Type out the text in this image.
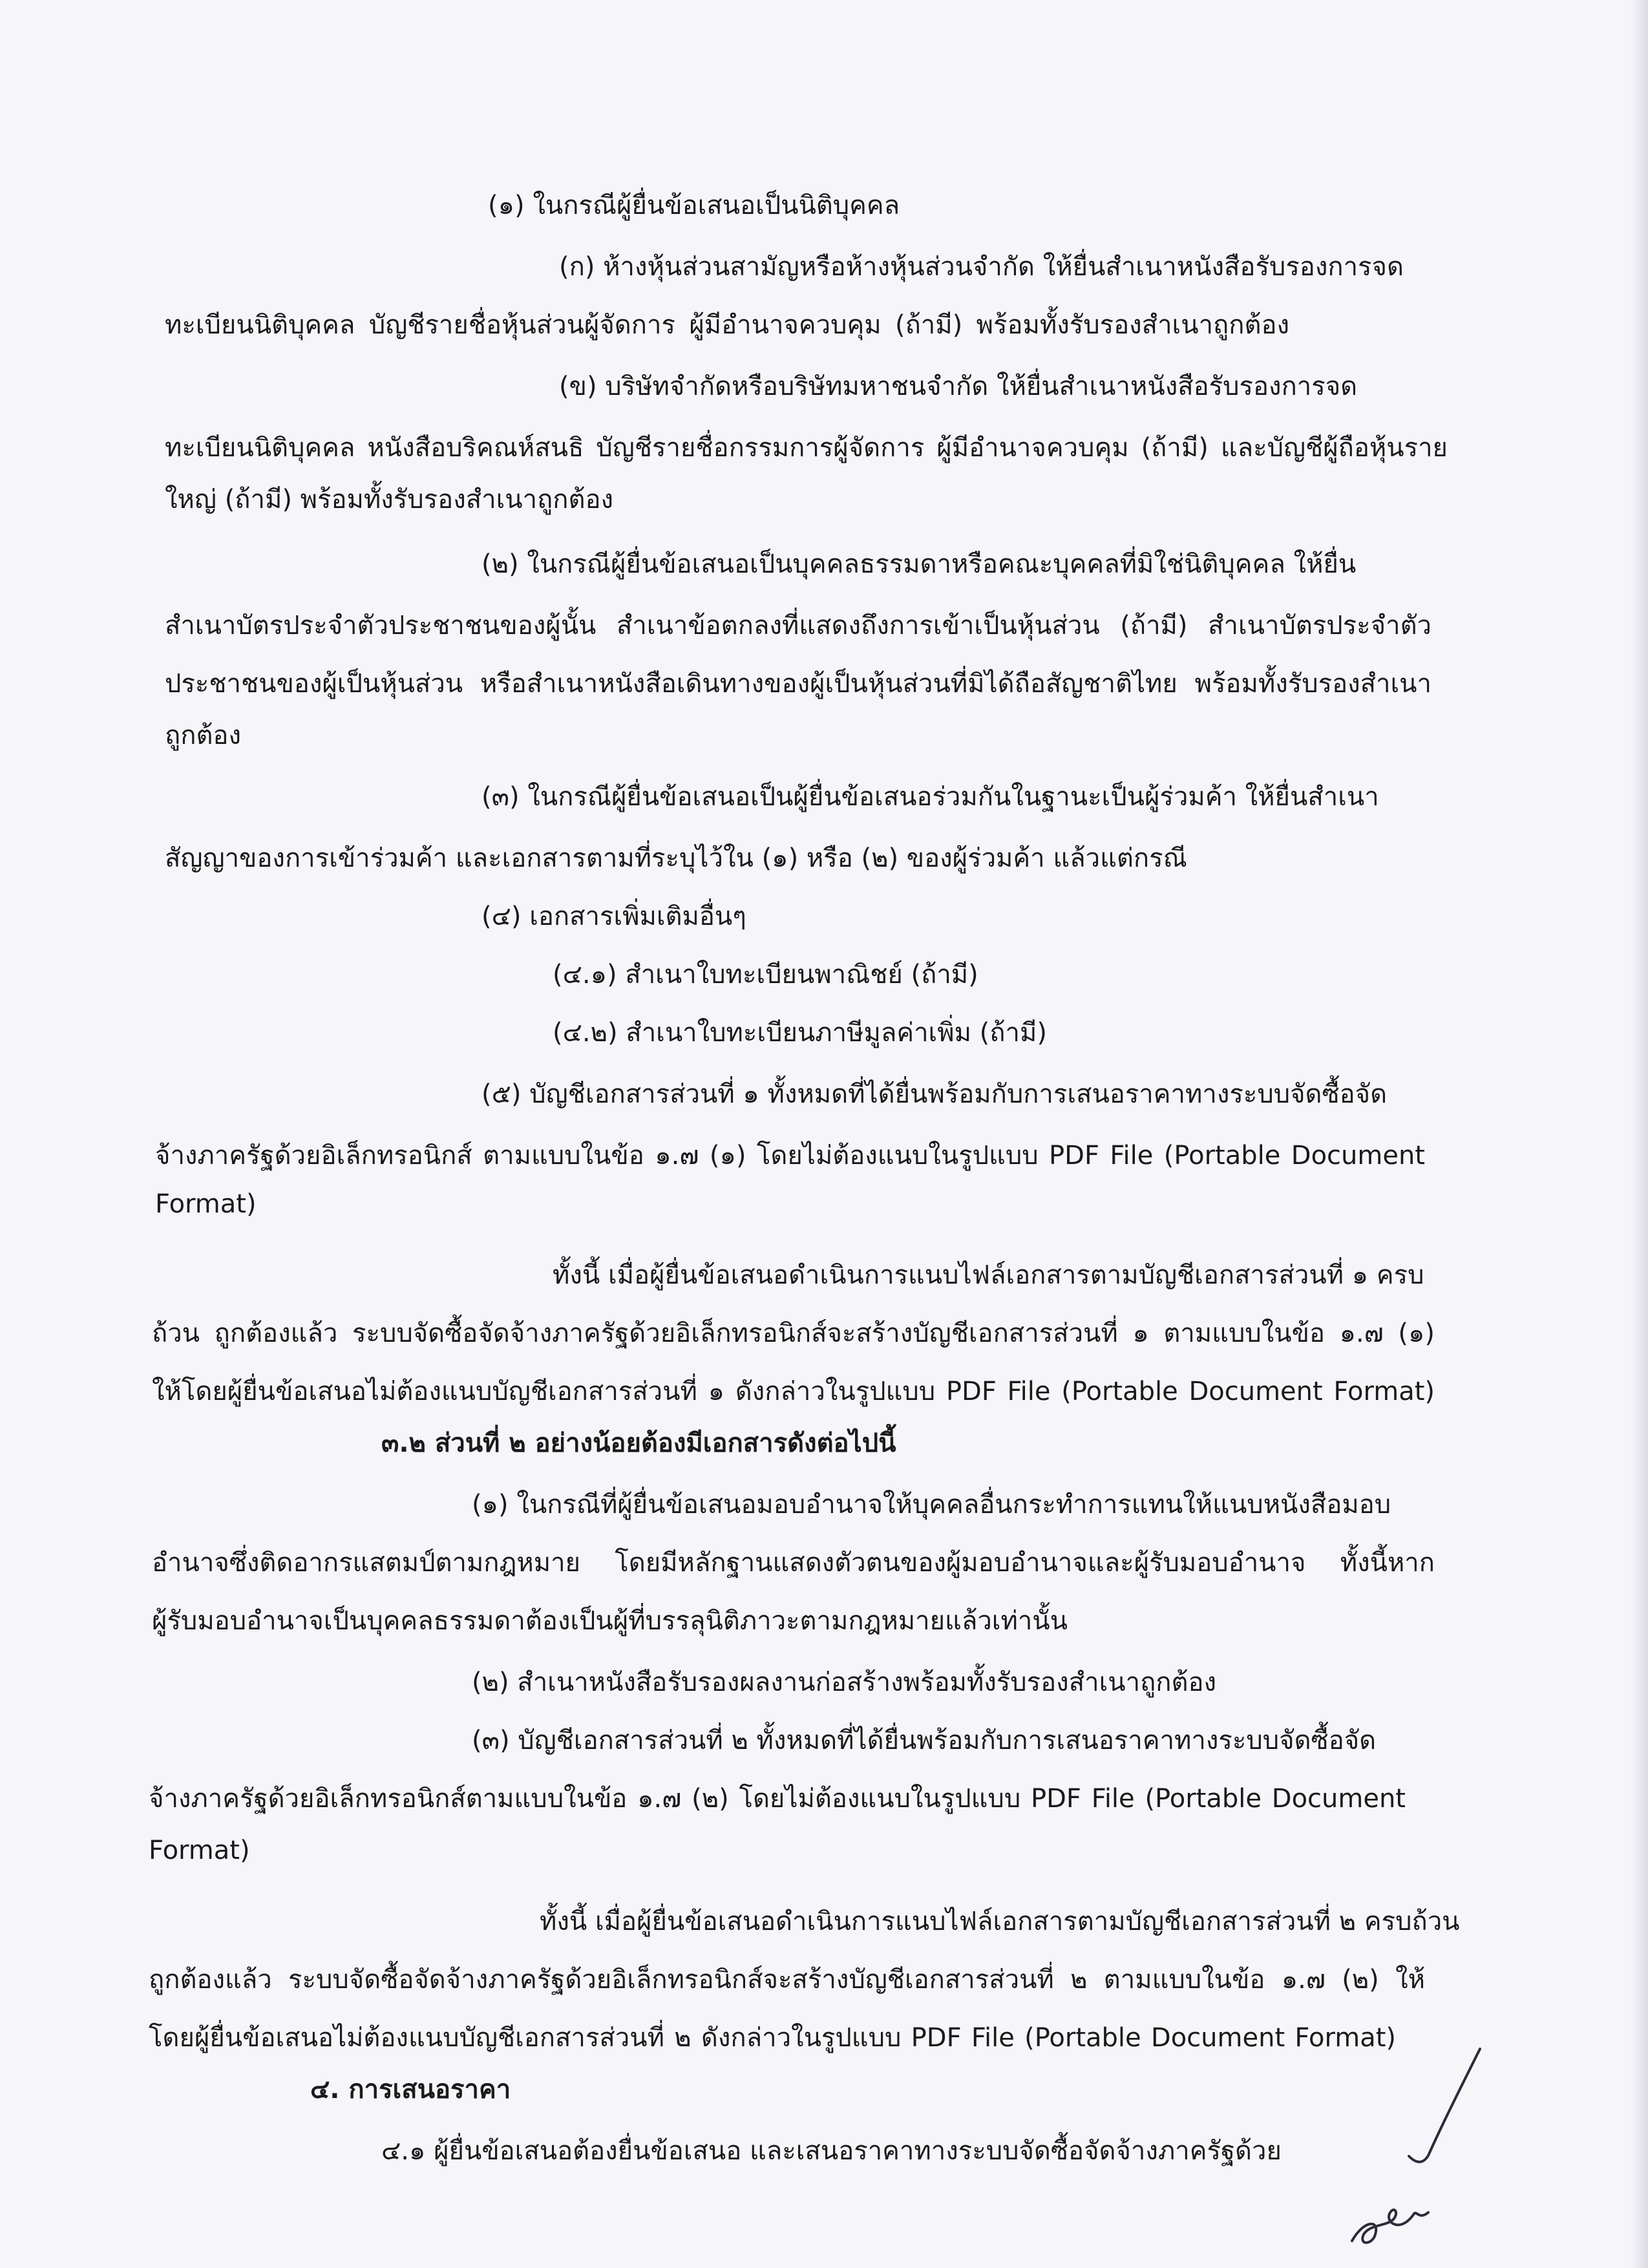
(๑) ในกรณีผู้ยื่นข้อเสนอเป็นนิติบุคคล
(ก) ห้างหุ้นส่วนสามัญหรือห้างหุ้นส่วนจำกัด ให้ยื่นสำเนาหนังสือรับรองการจด
ทะเบียนนิติบุคคล บัญชีรายชื่อหุ้นส่วนผู้จัดการ ผู้มีอำนาจควบคุม (ถ้ามี) พร้อมทั้งรับรองสำเนาถูกต้อง
(ข) บริษัทจำกัดหรือบริษัทมหาชนจำกัด ให้ยื่นสำเนาหนังสือรับรองการจด
ทะเบียนนิติบุคคล หนังสือบริคณห์สนธิ บัญชีรายชื่อกรรมการผู้จัดการ ผู้มีอำนาจควบคุม (ถ้ามี) และบัญชีผู้ถือหุ้นราย
ใหญ่ (ถ้ามี) พร้อมทั้งรับรองสำเนาถูกต้อง
(๒) ในกรณีผู้ยื่นข้อเสนอเป็นบุคคลธรรมดาหรือคณะบุคคลที่มิใช่นิติบุคคล ให้ยื่น
สำเนาบัตรประจำตัวประชาชนของผู้นั้น สำเนาข้อตกลงที่แสดงถึงการเข้าเป็นหุ้นส่วน (ถ้ามี) สำเนาบัตรประจำตัว
ประชาชนของผู้เป็นหุ้นส่วน หรือสำเนาหนังสือเดินทางของผู้เป็นหุ้นส่วนที่มิได้ถือสัญชาติไทย พร้อมทั้งรับรองสำเนา
ถูกต้อง
(๓) ในกรณีผู้ยื่นข้อเสนอเป็นผู้ยื่นข้อเสนอร่วมกันในฐานะเป็นผู้ร่วมค้า ให้ยื่นสำเนา
สัญญาของการเข้าร่วมค้า และเอกสารตามที่ระบุไว้ใน (๑) หรือ (๒) ของผู้ร่วมค้า แล้วแต่กรณี
(๔) เอกสารเพิ่มเติมอื่นๆ
(๔.๑) สำเนาใบทะเบียนพาณิชย์ (ถ้ามี)
(๔.๒) สำเนาใบทะเบียนภาษีมูลค่าเพิ่ม (ถ้ามี)
(๕) บัญชีเอกสารส่วนที่ ๑ ทั้งหมดที่ได้ยื่นพร้อมกับการเสนอราคาทางระบบจัดซื้อจัด
จ้างภาครัฐด้วยอิเล็กทรอนิกส์ ตามแบบในข้อ ๑.๗ (๑) โดยไม่ต้องแนบในรูปแบบ PDF File (Portable Document
Format)
ทั้งนี้ เมื่อผู้ยื่นข้อเสนอดำเนินการแนบไฟล์เอกสารตามบัญชีเอกสารส่วนที่ ๑ ครบ
ถ้วน ถูกต้องแล้ว ระบบจัดซื้อจัดจ้างภาครัฐด้วยอิเล็กทรอนิกส์จะสร้างบัญชีเอกสารส่วนที่ ๑ ตามแบบในข้อ ๑.๗ (๑)
ให้โดยผู้ยื่นข้อเสนอไม่ต้องแนบบัญชีเอกสารส่วนที่ ๑ ดังกล่าวในรูปแบบ PDF File (Portable Document Format)
๓.๒ ส่วนที่ ๒ อย่างน้อยต้องมีเอกสารดังต่อไปนี้
(๑) ในกรณีที่ผู้ยื่นข้อเสนอมอบอำนาจให้บุคคลอื่นกระทำการแทนให้แนบหนังสือมอบ
อำนาจซึ่งติดอากรแสตมป์ตามกฎหมาย โดยมีหลักฐานแสดงตัวตนของผู้มอบอำนาจและผู้รับมอบอำนาจ ทั้งนี้หาก
ผู้รับมอบอำนาจเป็นบุคคลธรรมดาต้องเป็นผู้ที่บรรลุนิติภาวะตามกฎหมายแล้วเท่านั้น
(๒) สำเนาหนังสือรับรองผลงานก่อสร้างพร้อมทั้งรับรองสำเนาถูกต้อง
(๓) บัญชีเอกสารส่วนที่ ๒ ทั้งหมดที่ได้ยื่นพร้อมกับการเสนอราคาทางระบบจัดซื้อจัด
จ้างภาครัฐด้วยอิเล็กทรอนิกส์ตามแบบในข้อ ๑.๗ (๒) โดยไม่ต้องแนบในรูปแบบ PDF File (Portable Document
Format)
ทั้งนี้ เมื่อผู้ยื่นข้อเสนอดำเนินการแนบไฟล์เอกสารตามบัญชีเอกสารส่วนที่ ๒ ครบถ้วน
ถูกต้องแล้ว ระบบจัดซื้อจัดจ้างภาครัฐด้วยอิเล็กทรอนิกส์จะสร้างบัญชีเอกสารส่วนที่ ๒ ตามแบบในข้อ ๑.๗ (๒) ให้
โดยผู้ยื่นข้อเสนอไม่ต้องแนบบัญชีเอกสารส่วนที่ ๒ ดังกล่าวในรูปแบบ PDF File (Portable Document Format)
๔. การเสนอราคา
๔.๑ ผู้ยื่นข้อเสนอต้องยื่นข้อเสนอ และเสนอราคาทางระบบจัดซื้อจัดจ้างภาครัฐด้วย
